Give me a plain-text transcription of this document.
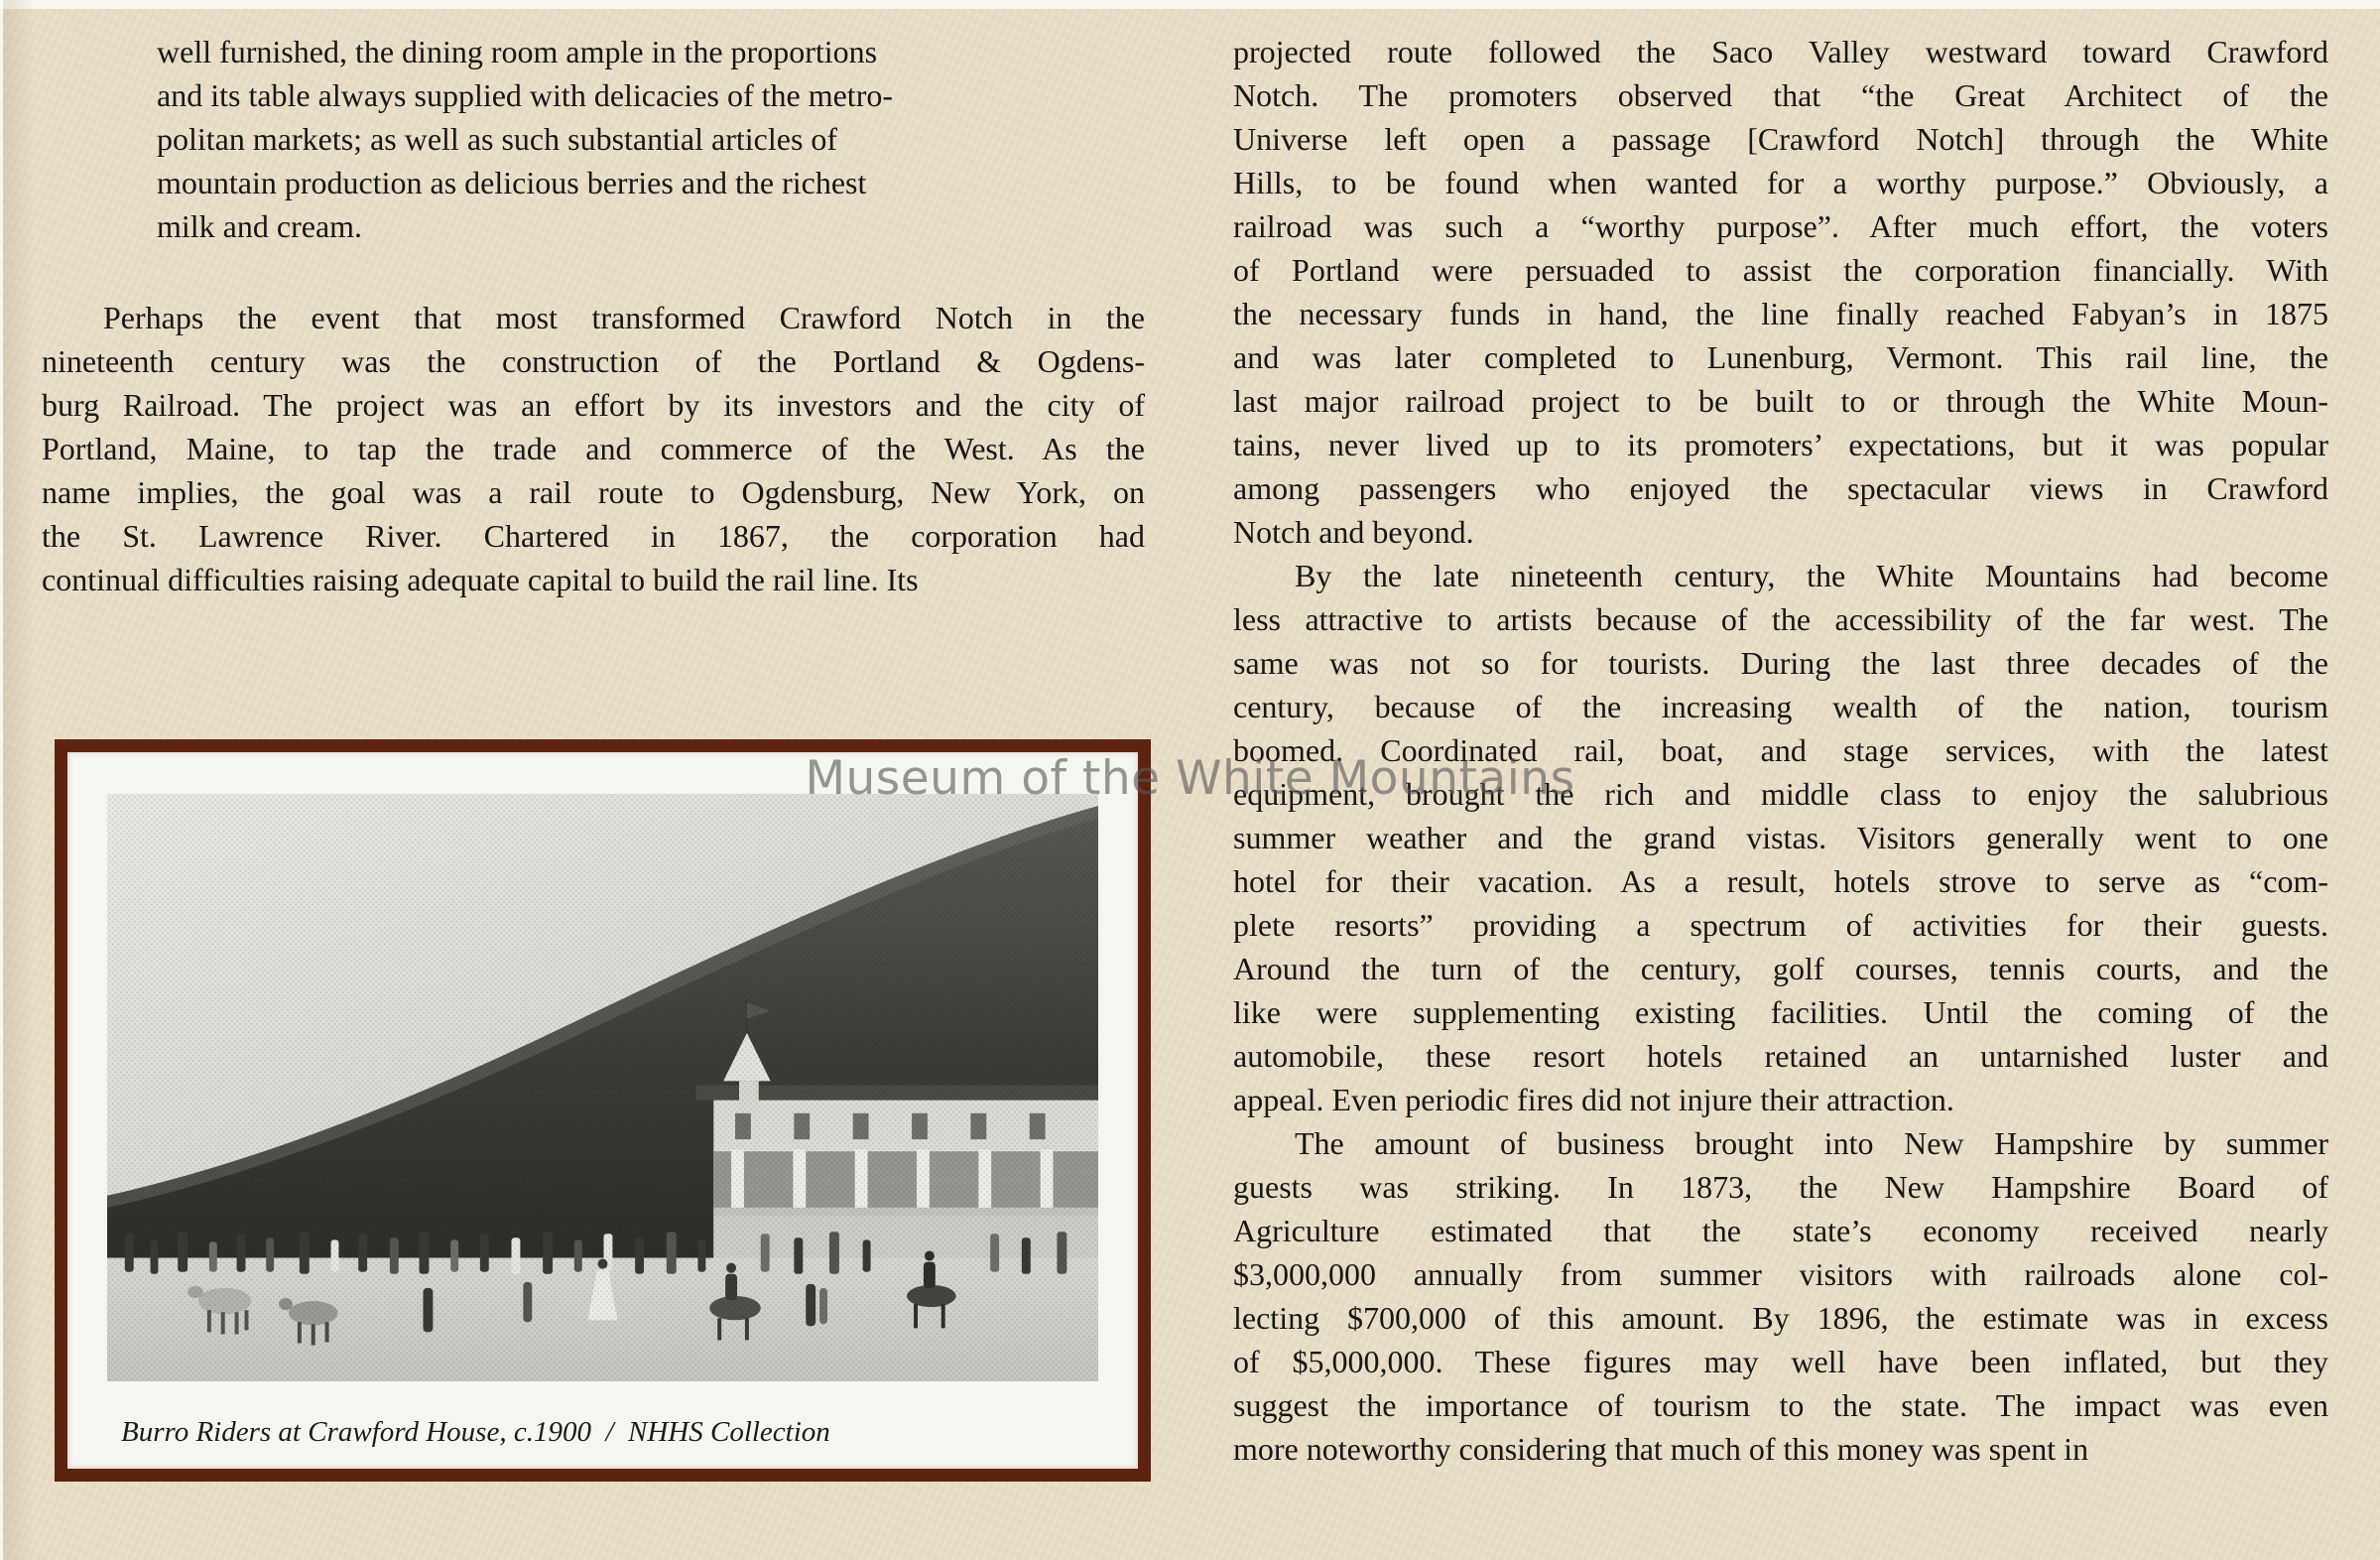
well furnished, the dining room ample in the proportions
and its table always supplied with delicacies of the metro-
politan markets; as well as such substantial articles of
mountain production as delicious berries and the richest
milk and cream.
Perhaps the event that most transformed Crawford Notch in the
nineteenth century was the construction of the Portland & Ogdens-
burg Railroad. The project was an effort by its investors and the city of
Portland, Maine, to tap the trade and commerce of the West. As the
name implies, the goal was a rail route to Ogdensburg, New York, on
the St. Lawrence River. Chartered in 1867, the corporation had
continual difficulties raising adequate capital to build the rail line. Its
projected route followed the Saco Valley westward toward Crawford
Notch. The promoters observed that “the Great Architect of the
Universe left open a passage [Crawford Notch] through the White
Hills, to be found when wanted for a worthy purpose.” Obviously, a
railroad was such a “worthy purpose”. After much effort, the voters
of Portland were persuaded to assist the corporation financially. With
the necessary funds in hand, the line finally reached Fabyan’s in 1875
and was later completed to Lunenburg, Vermont. This rail line, the
last major railroad project to be built to or through the White Moun-
tains, never lived up to its promoters’ expectations, but it was popular
among passengers who enjoyed the spectacular views in Crawford
Notch and beyond.
By the late nineteenth century, the White Mountains had become
less attractive to artists because of the accessibility of the far west. The
same was not so for tourists. During the last three decades of the
century, because of the increasing wealth of the nation, tourism
boomed. Coordinated rail, boat, and stage services, with the latest
equipment, brought the rich and middle class to enjoy the salubrious
summer weather and the grand vistas. Visitors generally went to one
hotel for their vacation. As a result, hotels strove to serve as “com-
plete resorts” providing a spectrum of activities for their guests.
Around the turn of the century, golf courses, tennis courts, and the
like were supplementing existing facilities. Until the coming of the
automobile, these resort hotels retained an untarnished luster and
appeal. Even periodic fires did not injure their attraction.
The amount of business brought into New Hampshire by summer
guests was striking. In 1873, the New Hampshire Board of
Agriculture estimated that the state’s economy received nearly
$3,000,000 annually from summer visitors with railroads alone col-
lecting $700,000 of this amount. By 1896, the estimate was in excess
of $5,000,000. These figures may well have been inflated, but they
suggest the importance of tourism to the state. The impact was even
more noteworthy considering that much of this money was spent in
Burro Riders at Crawford House, c.1900  /  NHHS Collection
Museum of the White Mountains
